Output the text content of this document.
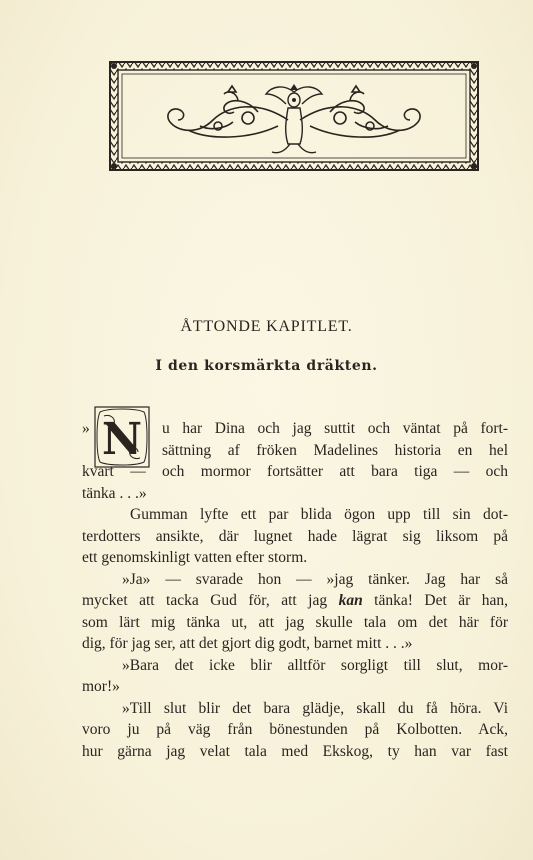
ÅTTONDE KAPITLET.
I den korsmärkta dräkten.
» N u har Dina och jag suttit och väntat på fort-
sättning af fröken Madelines historia en hel
kvart — och mormor fortsätter att bara tiga — och
tänka . . .»
Gumman lyfte ett par blida ögon upp till sin dot-
terdotters ansikte, där lugnet hade lägrat sig liksom på
ett genomskinligt vatten efter storm.
»Ja» — svarade hon — »jag tänker. Jag har så
mycket att tacka Gud för, att jag kan tänka! Det är han,
som lärt mig tänka ut, att jag skulle tala om det här för
dig, för jag ser, att det gjort dig godt, barnet mitt . . .»
»Bara det icke blir alltför sorgligt till slut, mor-
mor!»
»Till slut blir det bara glädje, skall du få höra. Vi
voro ju på väg från bönestunden på Kolbotten. Ack,
hur gärna jag velat tala med Ekskog, ty han var fast
